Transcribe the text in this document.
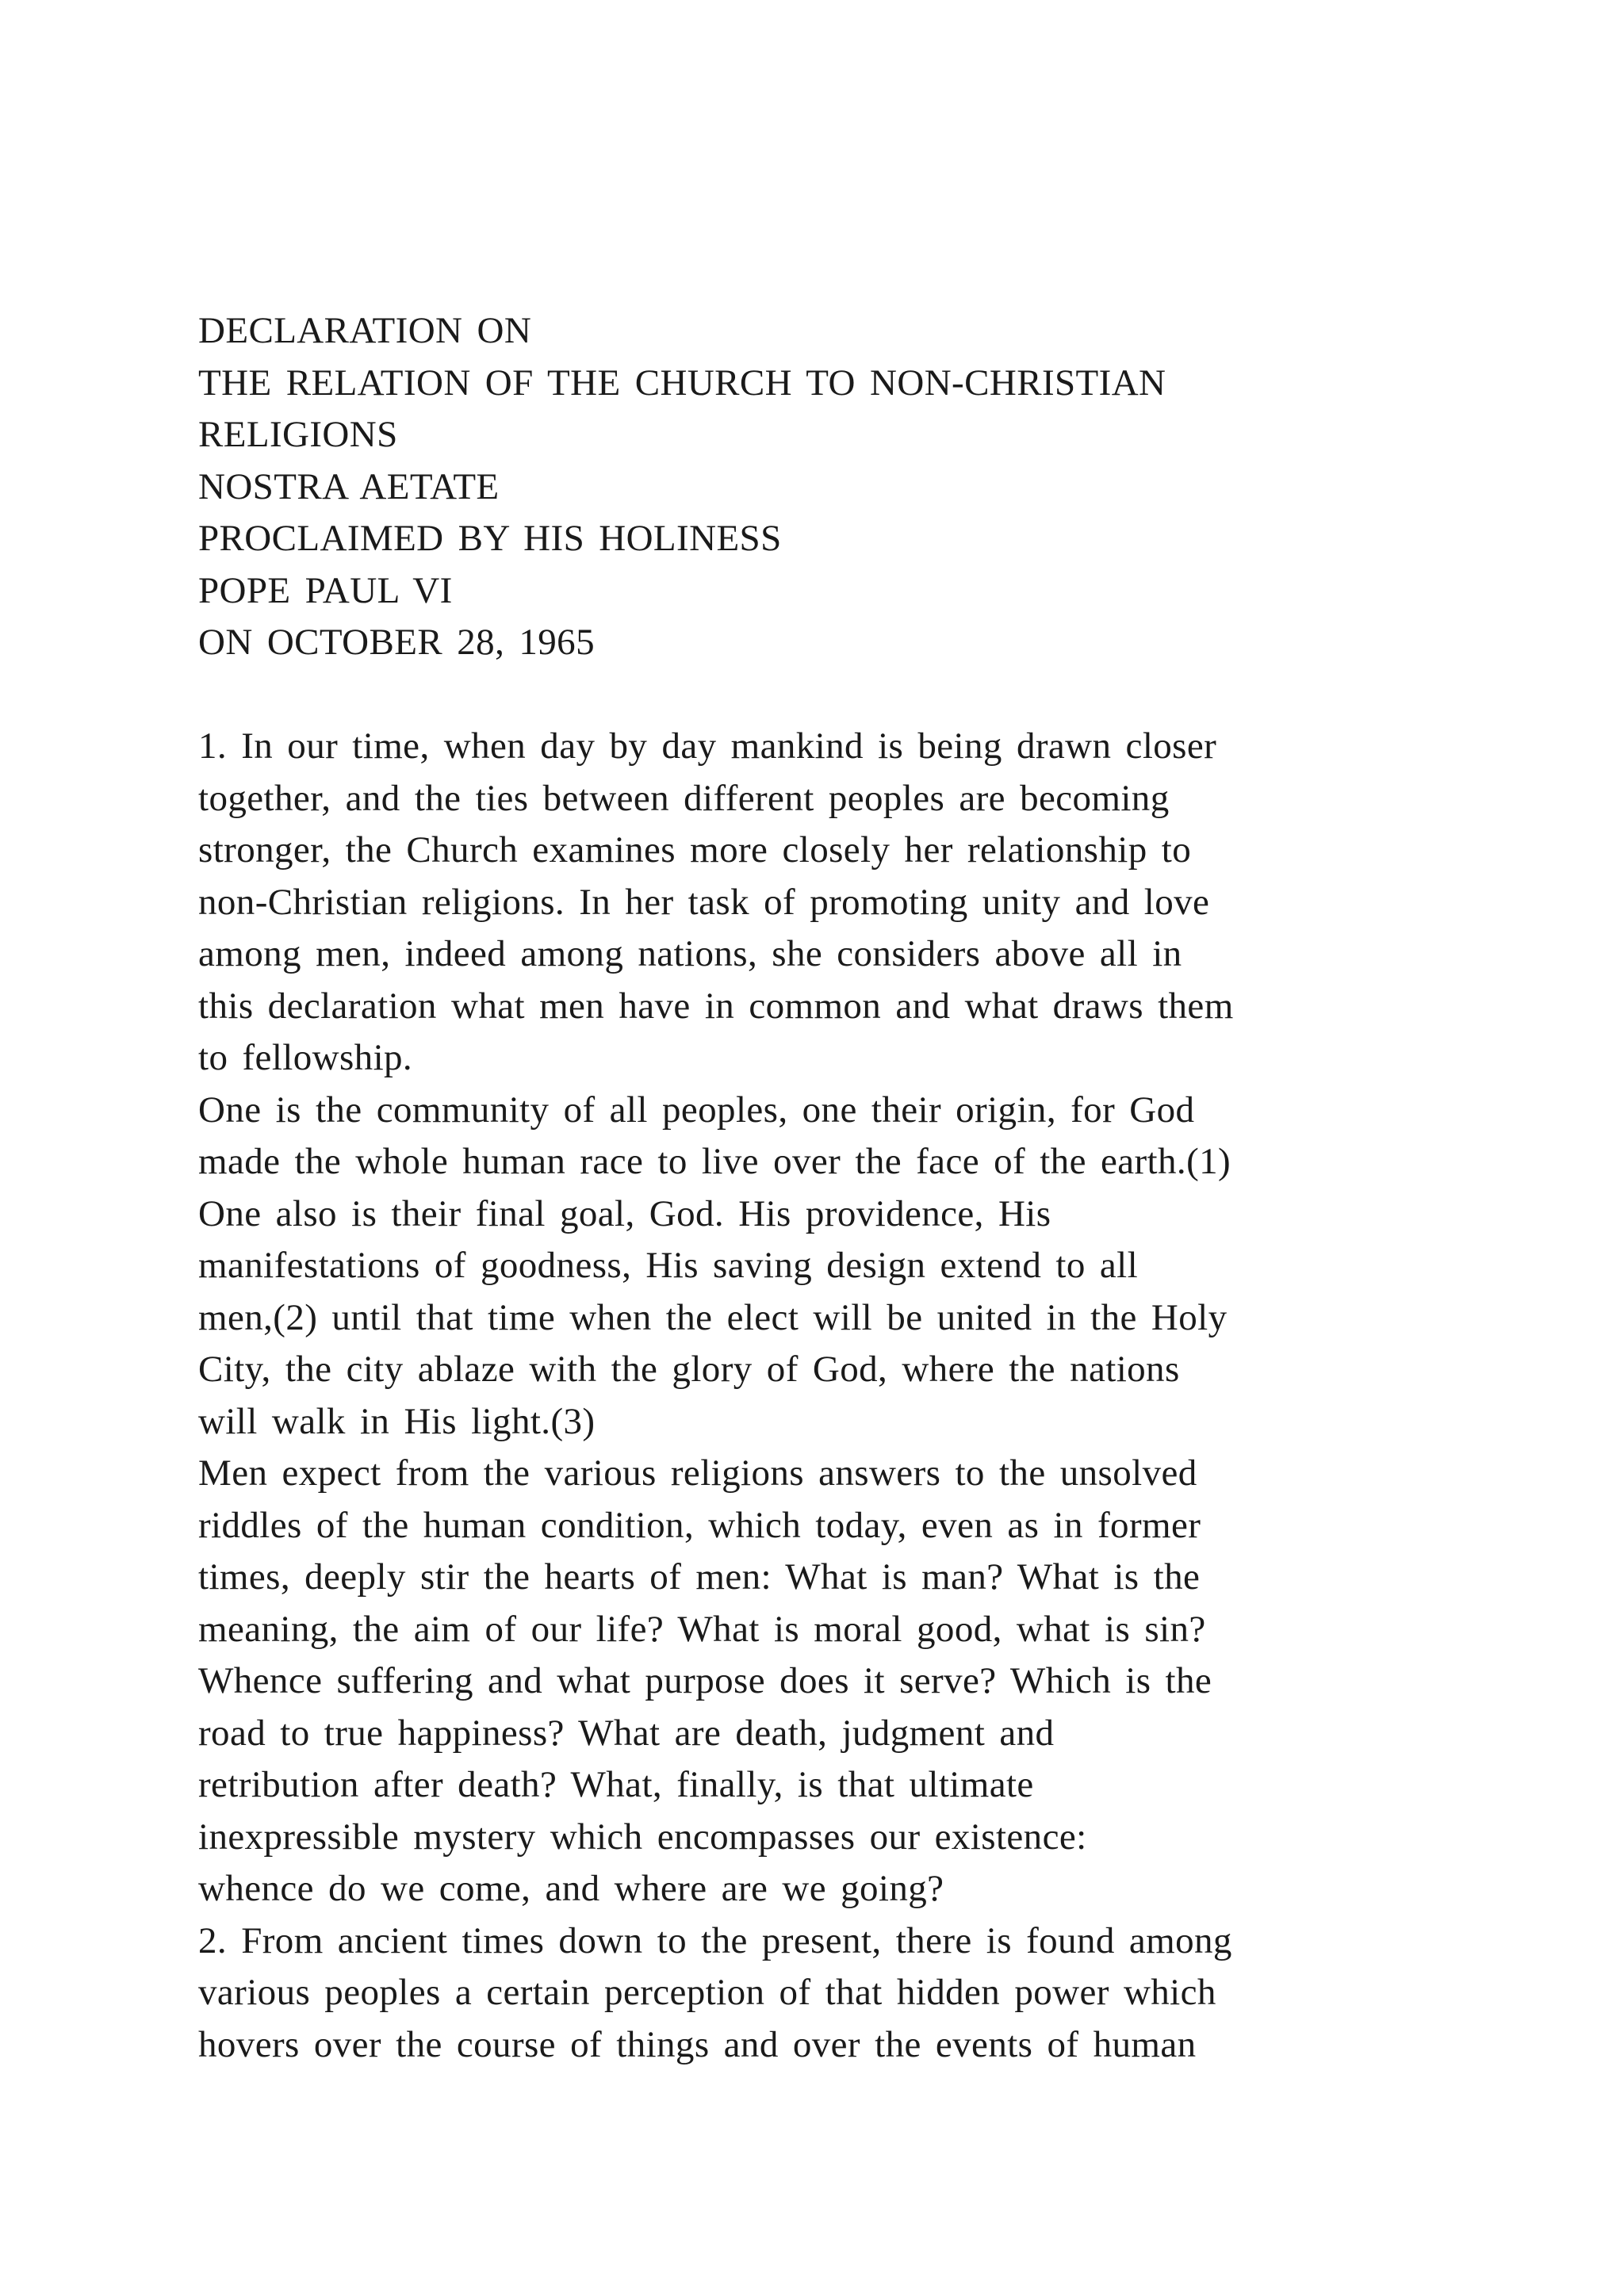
DECLARATION ON
THE RELATION OF THE CHURCH TO NON-CHRISTIAN
RELIGIONS
NOSTRA AETATE
PROCLAIMED BY HIS HOLINESS
POPE PAUL VI
ON OCTOBER 28, 1965
1. In our time, when day by day mankind is being drawn closer
together, and the ties between different peoples are becoming
stronger, the Church examines more closely her relationship to
non-Christian religions. In her task of promoting unity and love
among men, indeed among nations, she considers above all in
this declaration what men have in common and what draws them
to fellowship.
One is the community of all peoples, one their origin, for God
made the whole human race to live over the face of the earth.(1)
One also is their final goal, God. His providence, His
manifestations of goodness, His saving design extend to all
men,(2) until that time when the elect will be united in the Holy
City, the city ablaze with the glory of God, where the nations
will walk in His light.(3)
Men expect from the various religions answers to the unsolved
riddles of the human condition, which today, even as in former
times, deeply stir the hearts of men: What is man? What is the
meaning, the aim of our life? What is moral good, what is sin?
Whence suffering and what purpose does it serve? Which is the
road to true happiness? What are death, judgment and
retribution after death? What, finally, is that ultimate
inexpressible mystery which encompasses our existence:
whence do we come, and where are we going?
2. From ancient times down to the present, there is found among
various peoples a certain perception of that hidden power which
hovers over the course of things and over the events of human
